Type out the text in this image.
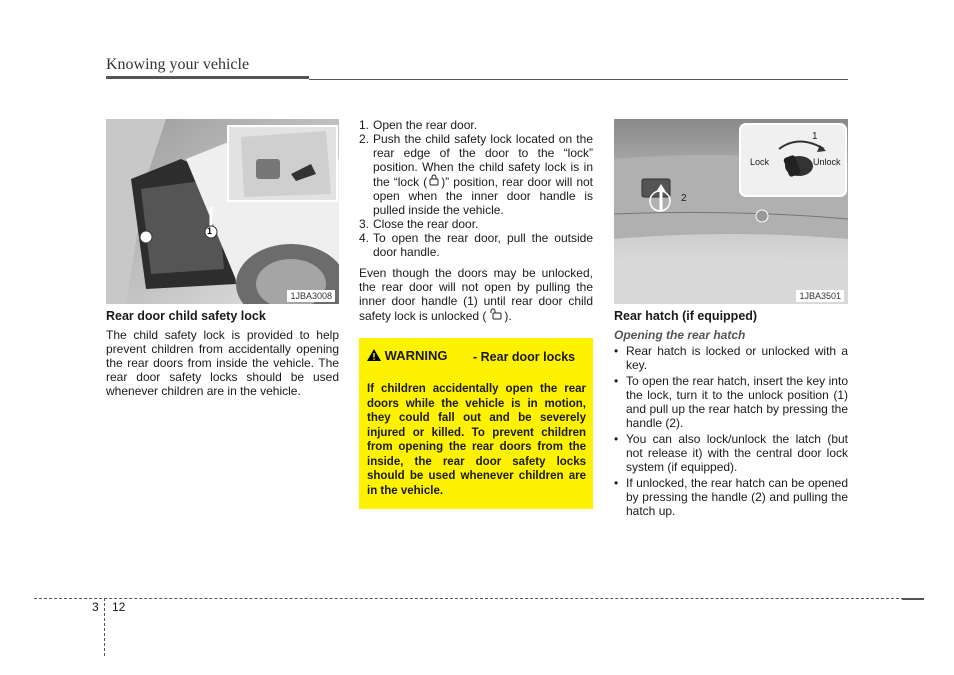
Knowing your vehicle
1
1JBA3008
Rear door child safety lock
The child safety lock is provided to help prevent children from accidentally opening the rear doors from inside the vehicle. The rear door safety locks should be used whenever children are in the vehicle.
1. Open the rear door.
2. Push the child safety lock located on the rear edge of the door to the “lock” position. When the child safety lock is in the “lock ( )” position, rear door will not open when the inner door handle is pulled inside the vehicle.
3. Close the rear door.
4. To open the rear door, pull the outside door handle.
Even though the doors may be unlocked, the rear door will not open by pulling the inner door handle (1) until rear door child safety lock is unlocked ( ).
WARNING - Rear door locks
If children accidentally open the rear doors while the vehicle is in motion, they could fall out and be severely injured or killed. To prevent children from opening the rear doors from the inside, the rear door safety locks should be used whenever children are in the vehicle.
1
2
Lock	Unlock
1JBA3501
Rear hatch (if equipped)
Opening the rear hatch
• Rear hatch is locked or unlocked with a key.
• To open the rear hatch, insert the key into the lock, turn it to the unlock position (1) and pull up the rear hatch by pressing the handle (2).
• You can also lock/unlock the latch (but not release it) with the central door lock system (if equipped).
• If unlocked, the rear hatch can be opened by pressing the handle (2) and pulling the hatch up.
3 12
